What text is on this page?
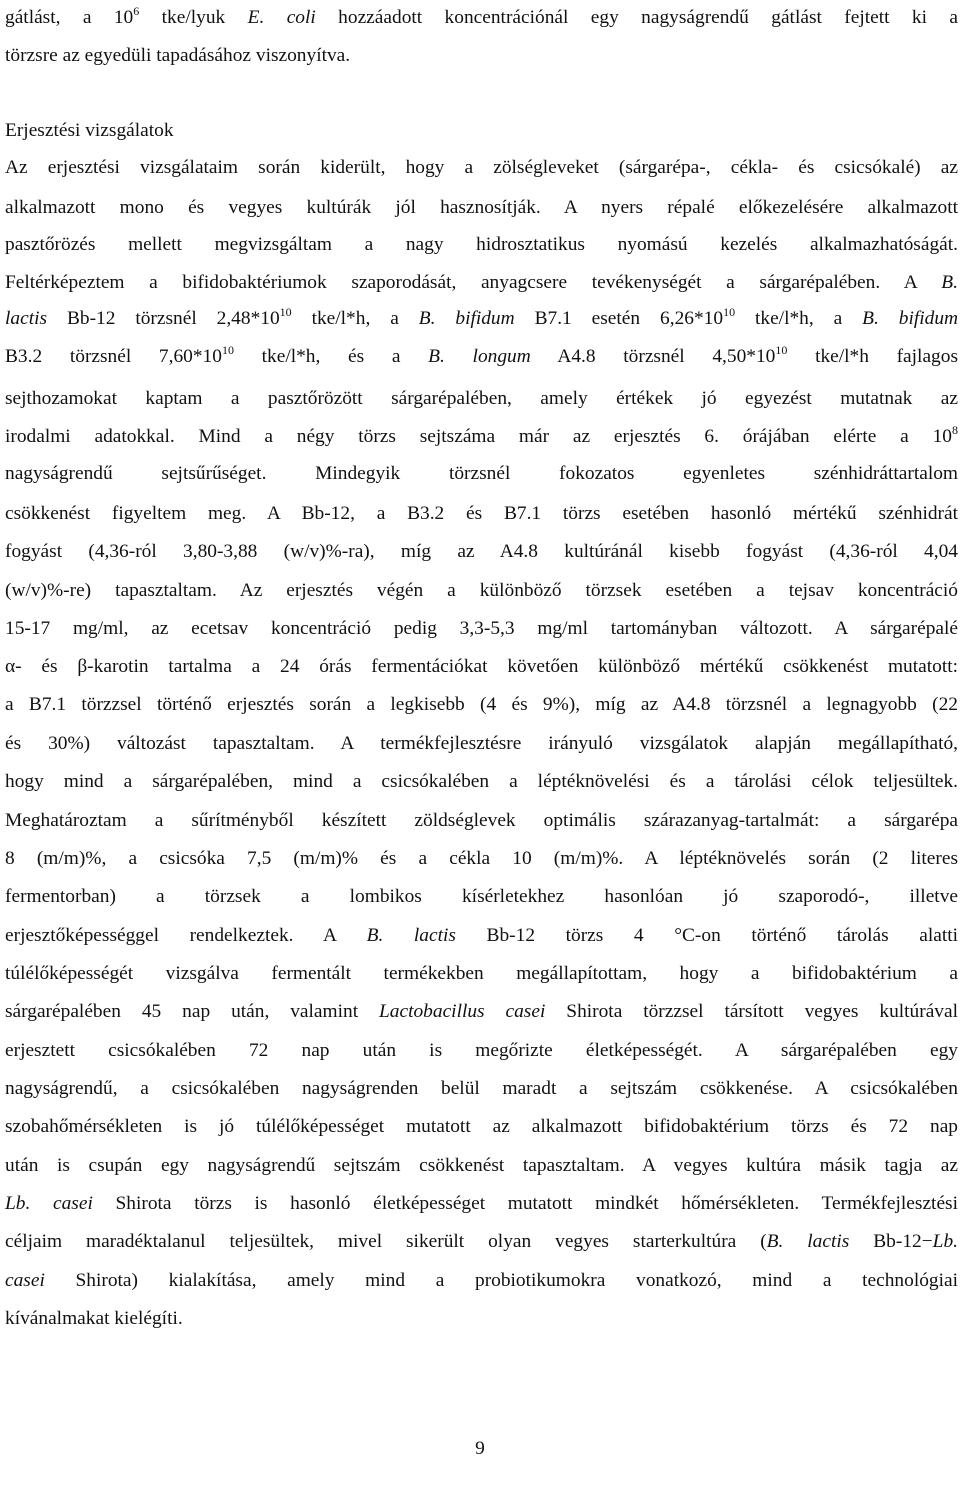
gátlást, a $10^6$ tke/lyuk E. coli hozzáadott koncentrációnál egy nagyságrendű gátlást fejtett ki a
törzsre az egyedüli tapadásához viszonyítva.
Erjesztési vizsgálatok
Az erjesztési vizsgálataim során kiderült, hogy a zölségleveket (sárgarépa-, cékla- és csicsókalé) az
alkalmazott mono és vegyes kultúrák jól hasznosítják. A nyers répalé előkezelésére alkalmazott
pasztőrözés mellett megvizsgáltam a nagy hidrosztatikus nyomású kezelés alkalmazhatóságát.
Feltérképeztem a bifidobaktériumok szaporodását, anyagcsere tevékenységét a sárgarépalében. A B.
lactis Bb-12 törzsnél $2,48*10^{10}$ tke/l*h, a B. bifidum B7.1 esetén $6,26*10^{10}$ tke/l*h, a B. bifidum
B3.2 törzsnél $7,60*10^{10}$ tke/l*h, és a B. longum A4.8 törzsnél $4,50*10^{10}$ tke/l*h fajlagos
sejthozamokat kaptam a pasztőrözött sárgarépalében, amely értékek jó egyezést mutatnak az
irodalmi adatokkal. Mind a négy törzs sejtszáma már az erjesztés 6. órájában elérte a $10^8$
nagyságrendű sejtsűrűséget. Mindegyik törzsnél fokozatos egyenletes szénhidráttartalom
csökkenést figyeltem meg. A Bb-12, a B3.2 és B7.1 törzs esetében hasonló mértékű szénhidrát
fogyást (4,36-ról 3,80-3,88 (w/v)%-ra), míg az A4.8 kultúránál kisebb fogyást (4,36-ról 4,04
(w/v)%-re) tapasztaltam. Az erjesztés végén a különböző törzsek esetében a tejsav koncentráció
15-17 mg/ml, az ecetsav koncentráció pedig 3,3-5,3 mg/ml tartományban változott. A sárgarépalé
α- és β-karotin tartalma a 24 órás fermentációkat követően különböző mértékű csökkenést mutatott:
a B7.1 törzzsel történő erjesztés során a legkisebb (4 és 9%), míg az A4.8 törzsnél a legnagyobb (22
és 30%) változást tapasztaltam. A termékfejlesztésre irányuló vizsgálatok alapján megállapítható,
hogy mind a sárgarépalében, mind a csicsókalében a léptéknövelési és a tárolási célok teljesültek.
Meghatároztam a sűrítményből készített zöldséglevek optimális szárazanyag-tartalmát: a sárgarépa
8 (m/m)%, a csicsóka 7,5 (m/m)% és a cékla 10 (m/m)%. A léptéknövelés során (2 literes
fermentorban) a törzsek a lombikos kísérletekhez hasonlóan jó szaporodó-, illetve
erjesztőképességgel rendelkeztek. A B. lactis Bb-12 törzs 4 °C-on történő tárolás alatti
túlélőképességét vizsgálva fermentált termékekben megállapítottam, hogy a bifidobaktérium a
sárgarépalében 45 nap után, valamint Lactobacillus casei Shirota törzzsel társított vegyes kultúrával
erjesztett csicsókalében 72 nap után is megőrizte életképességét. A sárgarépalében egy
nagyságrendű, a csicsókalében nagyságrenden belül maradt a sejtszám csökkenése. A csicsókalében
szobahőmérsékleten is jó túlélőképességet mutatott az alkalmazott bifidobaktérium törzs és 72 nap
után is csupán egy nagyságrendű sejtszám csökkenést tapasztaltam. A vegyes kultúra másik tagja az
Lb. casei Shirota törzs is hasonló életképességet mutatott mindkét hőmérsékleten. Termékfejlesztési
céljaim maradéktalanul teljesültek, mivel sikerült olyan vegyes starterkultúra (B. lactis Bb-12−Lb.
casei Shirota) kialakítása, amely mind a probiotikumokra vonatkozó, mind a technológiai
kívánalmakat kielégíti.
9
